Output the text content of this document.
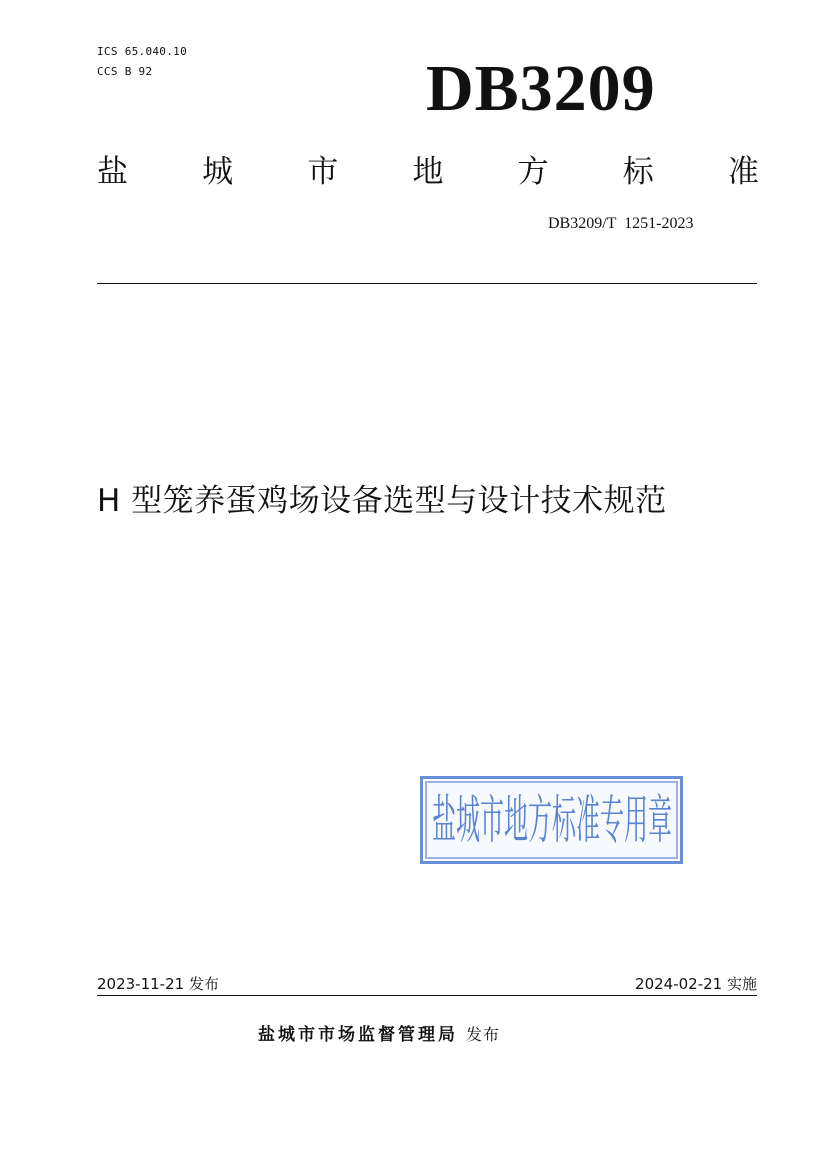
ICS 65.040.10
CCS B 92	DB3209
盐 城 市 地 方 标 准
DB3209/T  1251-2023
H 型笼养蛋鸡场设备选型与设计技术规范
盐城市地方标准专用章
2023-11-21 发布	2024-02-21 实施
盐城市市场监督管理局 发布
